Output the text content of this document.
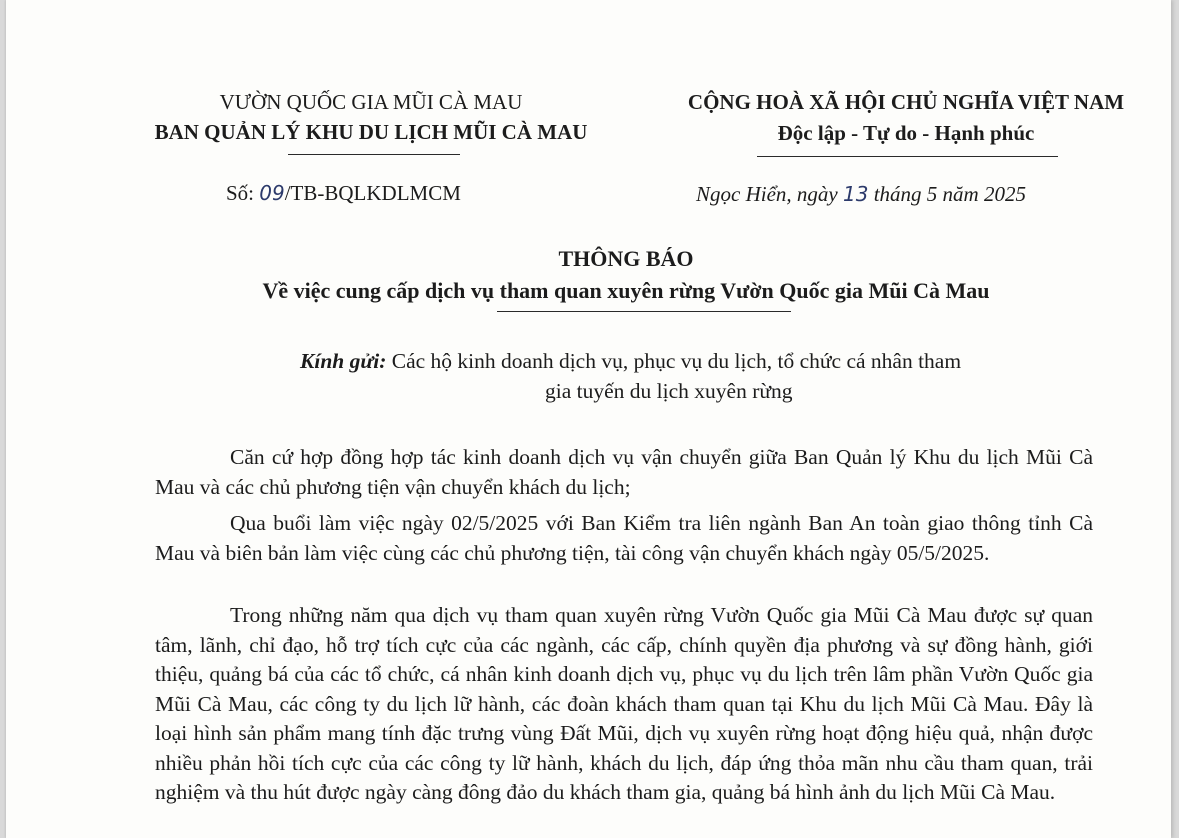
VƯỜN QUỐC GIA MŨI CÀ MAU
BAN QUẢN LÝ KHU DU LỊCH MŨI CÀ MAU
Số: 09/TB-BQLKDLMCM
CỘNG HOÀ XÃ HỘI CHỦ NGHĨA VIỆT NAM
Độc lập - Tự do - Hạnh phúc
Ngọc Hiển, ngày 13 tháng 5 năm 2025
THÔNG BÁO
Về việc cung cấp dịch vụ tham quan xuyên rừng Vườn Quốc gia Mũi Cà Mau
Kính gửi: Các hộ kinh doanh dịch vụ, phục vụ du lịch, tổ chức cá nhân tham
gia tuyến du lịch xuyên rừng
Căn cứ hợp đồng hợp tác kinh doanh dịch vụ vận chuyển giữa Ban Quản lý Khu du lịch Mũi Cà Mau và các chủ phương tiện vận chuyển khách du lịch;
Qua buổi làm việc ngày 02/5/2025 với Ban Kiểm tra liên ngành Ban An toàn giao thông tỉnh Cà Mau và biên bản làm việc cùng các chủ phương tiện, tài công vận chuyển khách ngày 05/5/2025.
Trong những năm qua dịch vụ tham quan xuyên rừng Vườn Quốc gia Mũi Cà Mau được sự quan tâm, lãnh, chỉ đạo, hỗ trợ tích cực của các ngành, các cấp, chính quyền địa phương và sự đồng hành, giới thiệu, quảng bá của các tổ chức, cá nhân kinh doanh dịch vụ, phục vụ du lịch trên lâm phần Vườn Quốc gia Mũi Cà Mau, các công ty du lịch lữ hành, các đoàn khách tham quan tại Khu du lịch Mũi Cà Mau. Đây là loại hình sản phẩm mang tính đặc trưng vùng Đất Mũi, dịch vụ xuyên rừng hoạt động hiệu quả, nhận được nhiều phản hồi tích cực của các công ty lữ hành, khách du lịch, đáp ứng thỏa mãn nhu cầu tham quan, trải nghiệm và thu hút được ngày càng đông đảo du khách tham gia, quảng bá hình ảnh du lịch Mũi Cà Mau.
